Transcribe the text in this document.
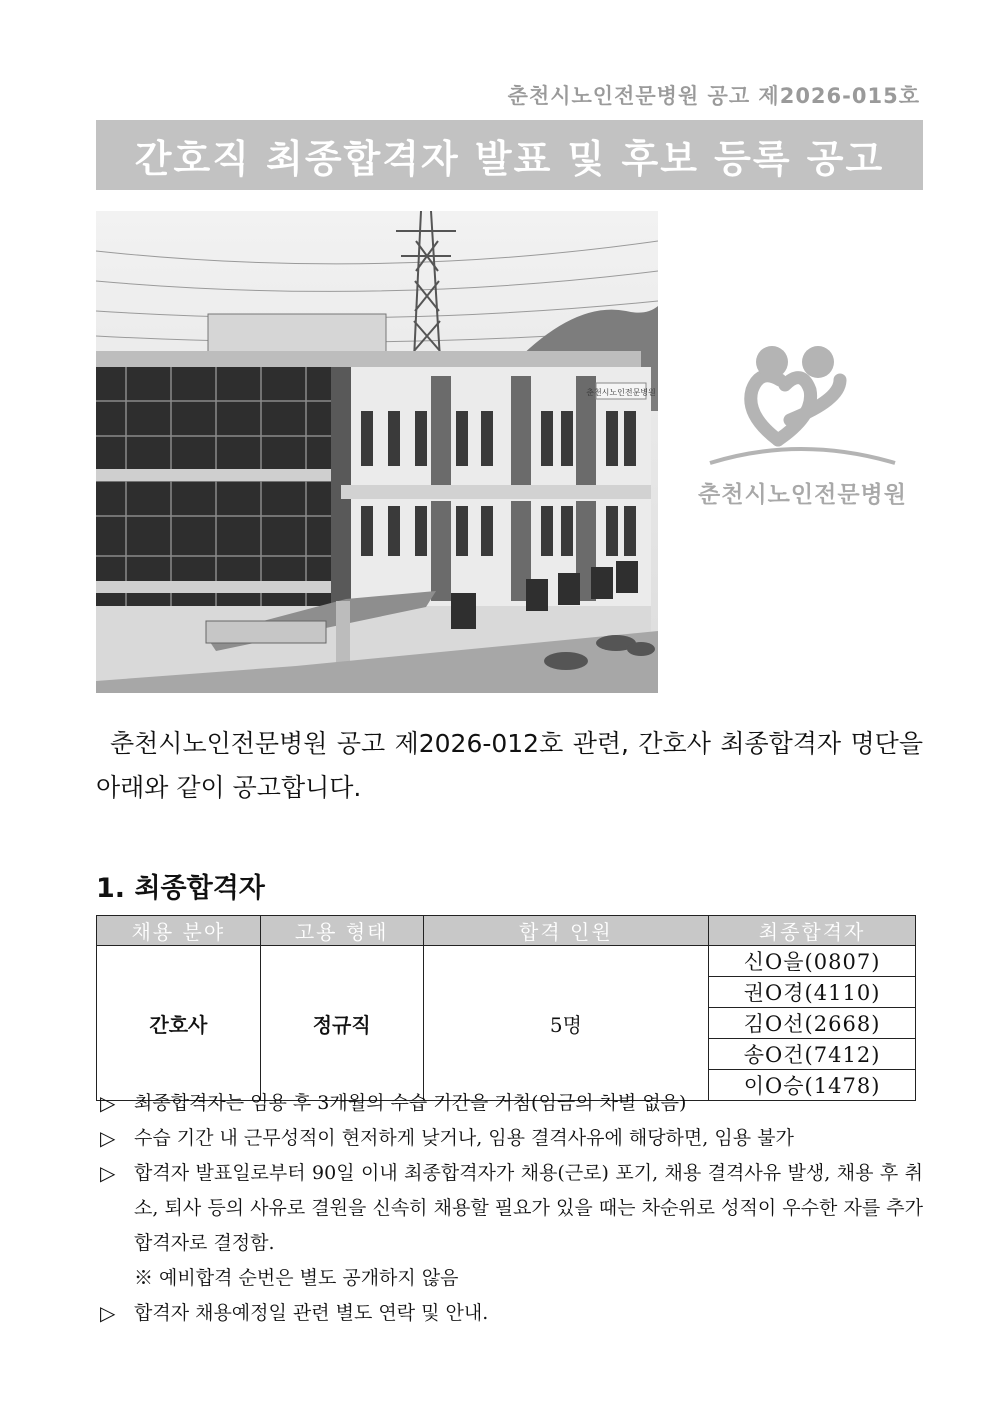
춘천시노인전문병원 공고 제2026-015호
간호직 최종합격자 발표 및 후보 등록 공고
춘천시노인전문병원
춘천시노인전문병원
춘천시노인전문병원 공고 제2026-012호 관련, 간호사 최종합격자 명단을 아래와 같이 공고합니다.
1. 최종합격자
채용 분야	고용 형태	합격 인원	최종합격자
간호사	정규직	5명	신O을(0807)
			권O경(4110)
			김O선(2668)
			송O건(7412)
			이O승(1478)
▷ 최종합격자는 임용 후 3개월의 수습 기간을 거침(임금의 차별 없음)
▷ 수습 기간 내 근무성적이 현저하게 낮거나, 임용 결격사유에 해당하면, 임용 불가
▷ 합격자 발표일로부터 90일 이내 최종합격자가 채용(근로) 포기, 채용 결격사유 발생, 채용 후 취소, 퇴사 등의 사유로 결원을 신속히 채용할 필요가 있을 때는 차순위로 성적이 우수한 자를 추가 합격자로 결정함.
※ 예비합격 순번은 별도 공개하지 않음
▷ 합격자 채용예정일 관련 별도 연락 및 안내.
